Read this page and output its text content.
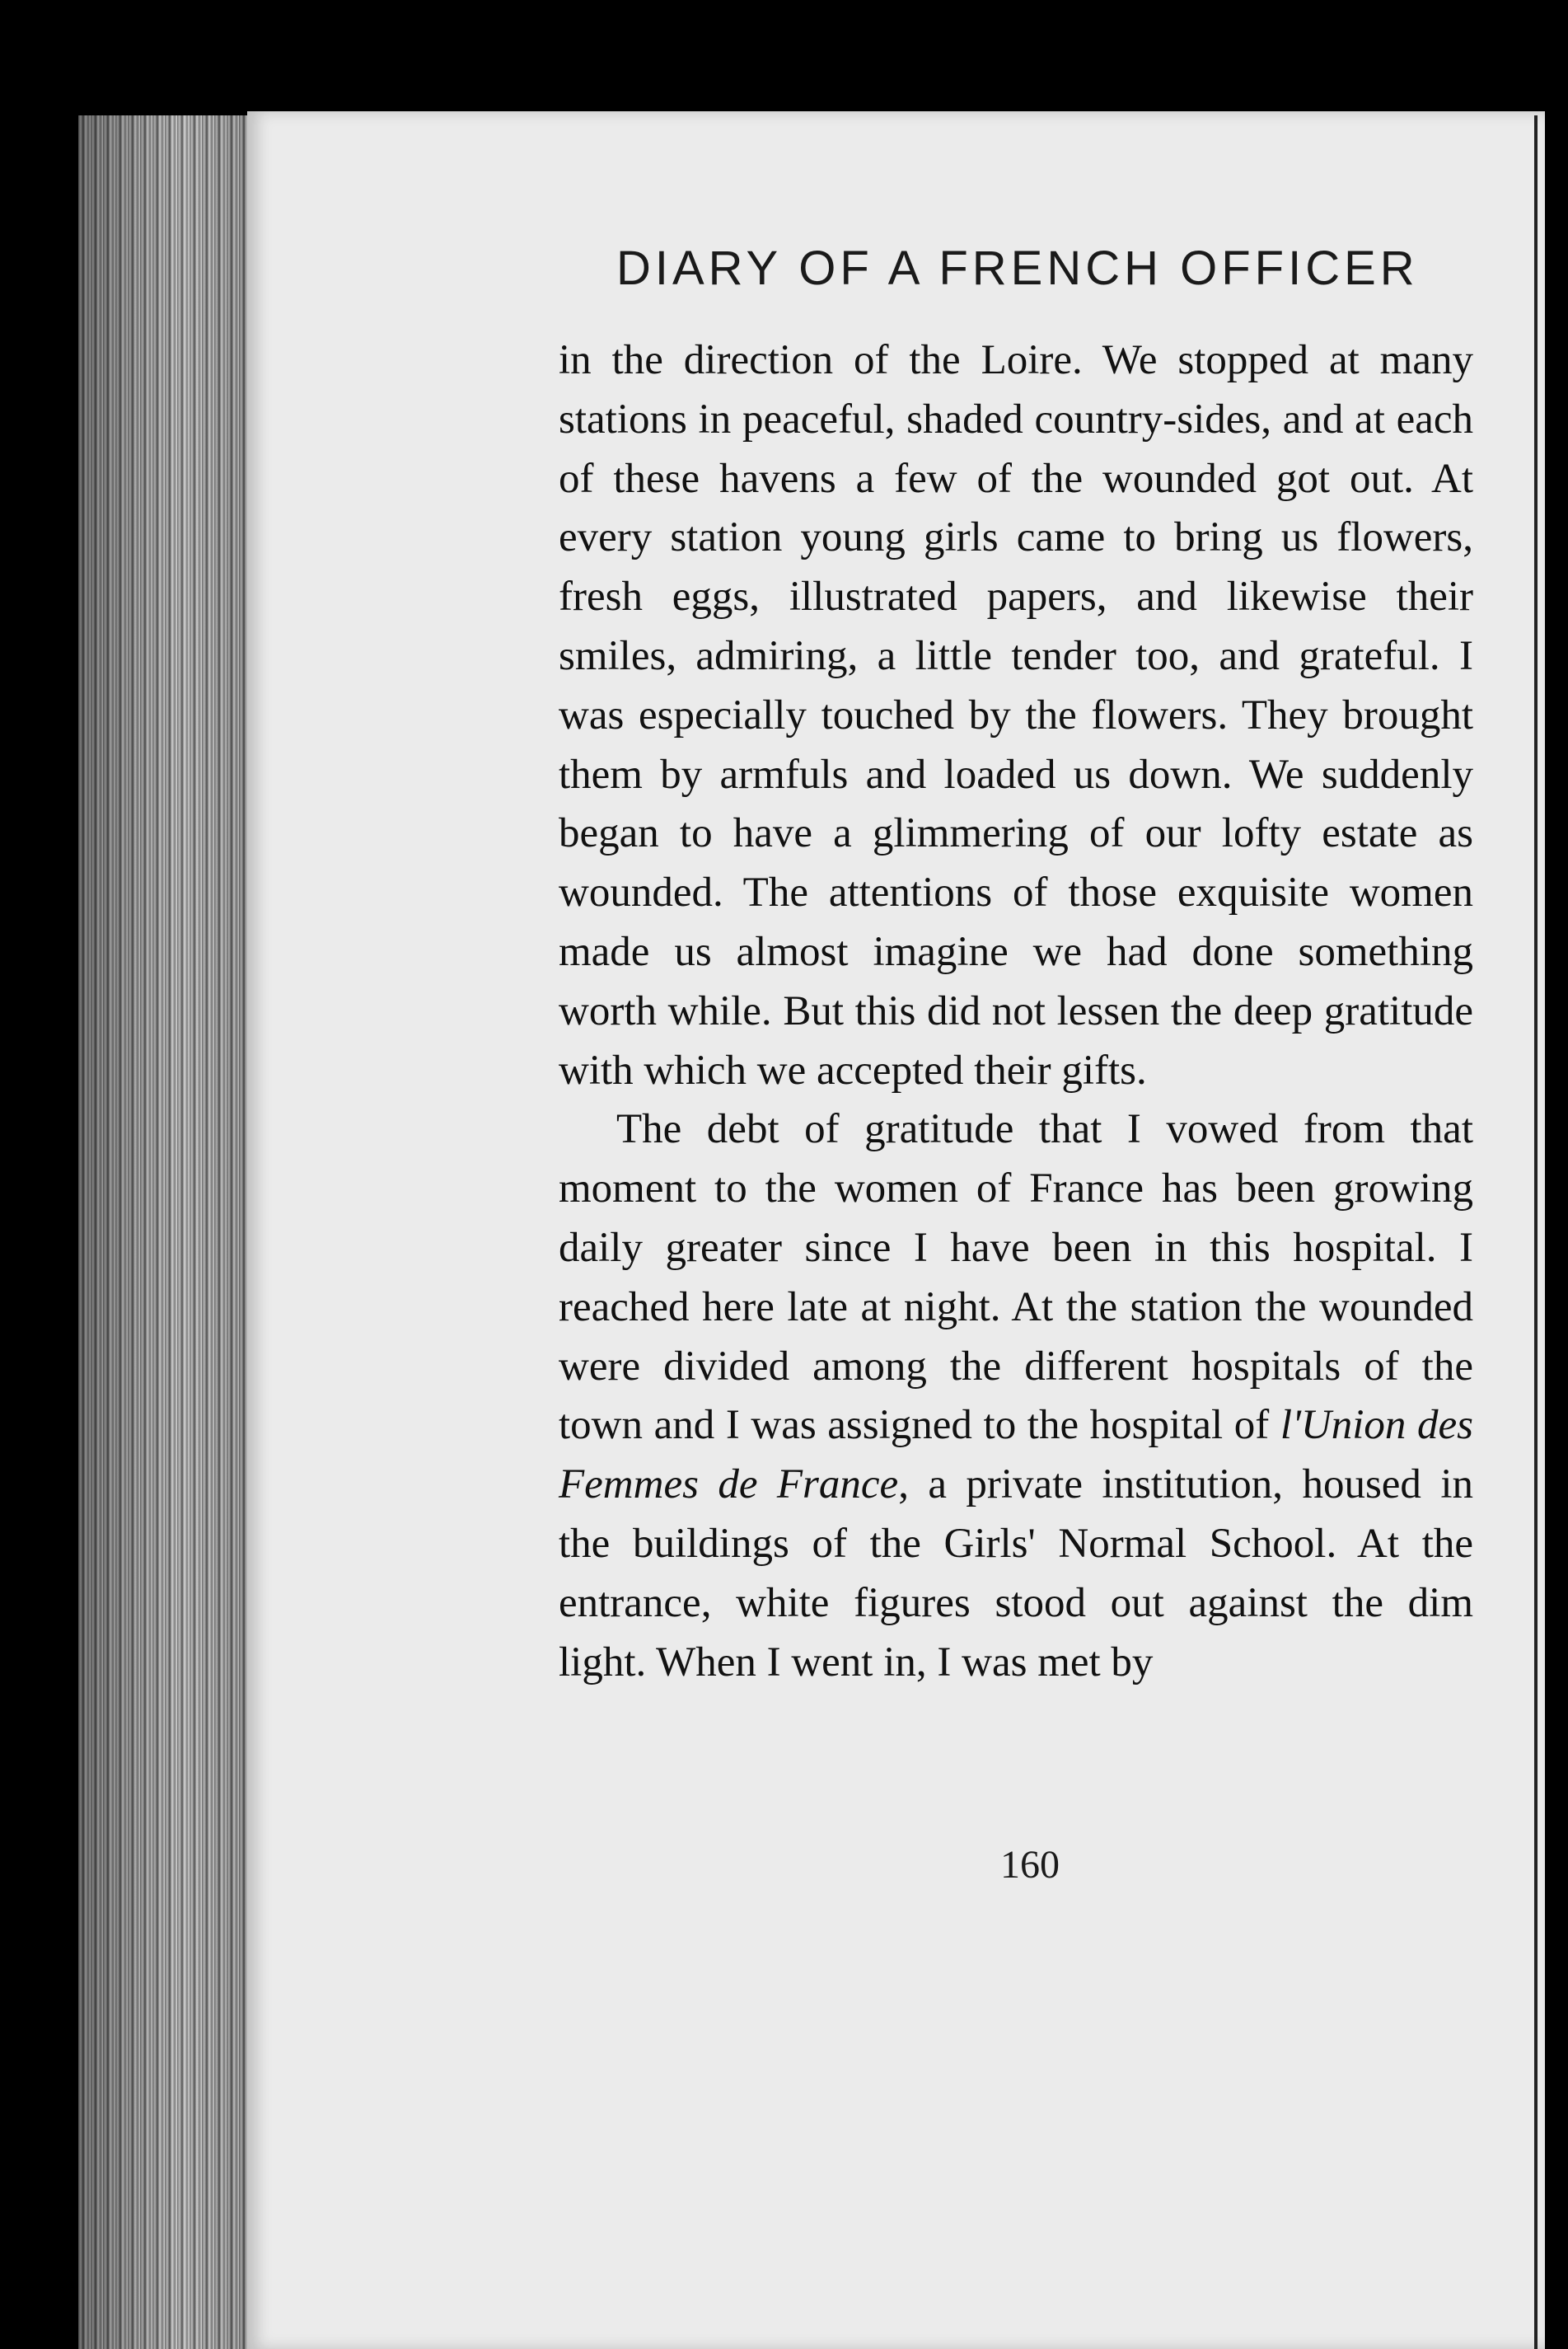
DIARY OF A FRENCH OFFICER

in the direction of the Loire. We stopped at many stations in peaceful, shaded country-sides, and at each of these havens a few of the wounded got out. At every station young girls came to bring us flowers, fresh eggs, illustrated papers, and likewise their smiles, admiring, a little tender too, and grateful. I was especially touched by the flowers. They brought them by armfuls and loaded us down. We suddenly began to have a glimmering of our lofty estate as wounded. The attentions of those exquisite women made us almost imagine we had done something worth while. But this did not lessen the deep gratitude with which we accepted their gifts.

The debt of gratitude that I vowed from that moment to the women of France has been growing daily greater since I have been in this hospital. I reached here late at night. At the station the wounded were divided among the different hospitals of the town and I was assigned to the hospital of l'Union des Femmes de France, a private institution, housed in the buildings of the Girls' Normal School. At the entrance, white figures stood out against the dim light. When I went in, I was met by

160
